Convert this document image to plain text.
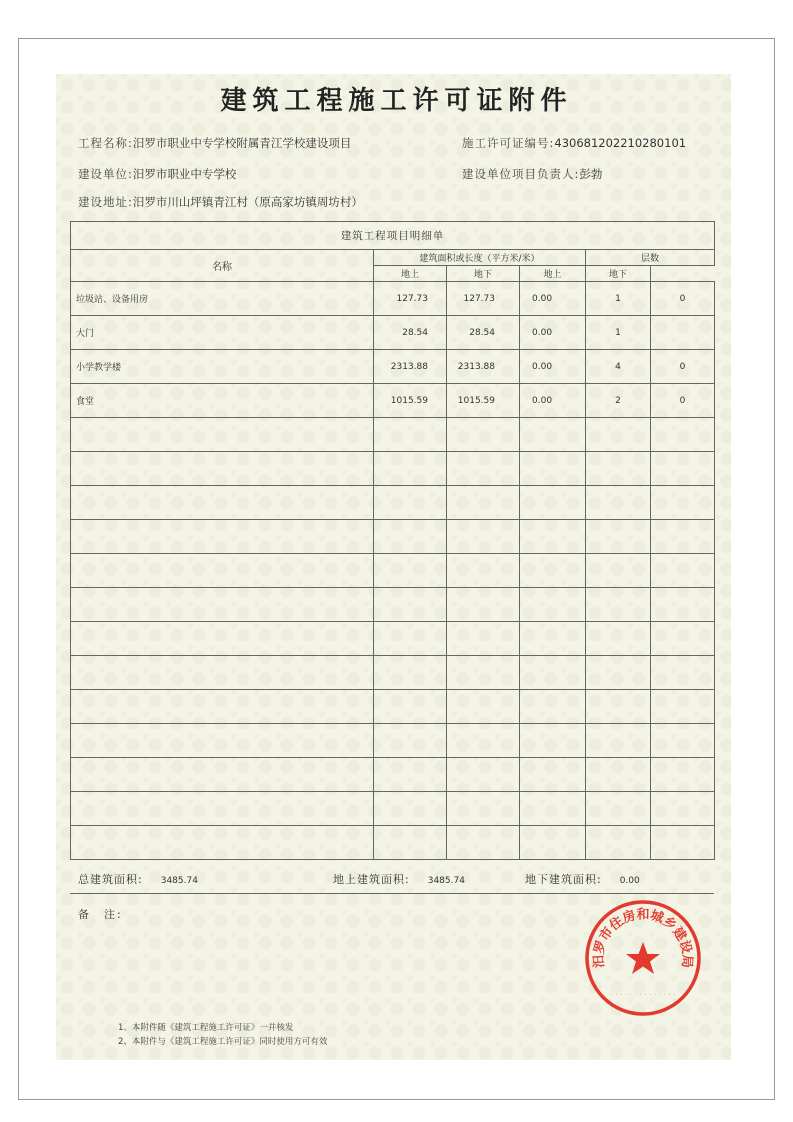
建筑工程施工许可证附件
工程名称:汨罗市职业中专学校附属青江学校建设项目	施工许可证编号:430681202210280101
建设单位:汨罗市职业中专学校	建设单位项目负责人:彭勃
建设地址:汨罗市川山坪镇青江村（原高家坊镇周坊村）
建筑工程项目明细单					
名称	建筑面积或长度（平方米/米）			层数	
	地上	地下	地上	地下	
垃圾站、设备用房	127.73	127.73	0.00	1	0
大门	28.54	28.54	0.00	1	
小学教学楼	2313.88	2313.88	0.00	4	0
食堂	1015.59	1015.59	0.00	2	0

总建筑面积: 3485.74	地上建筑面积: 3485.74	地下建筑面积: 0.00
备　注:
1、本附件随《建筑工程施工许可证》一并核发
2、本附件与《建筑工程施工许可证》同时使用方可有效
汨罗市住房和城乡建设局
· · · · · · · · · · · · · ·
